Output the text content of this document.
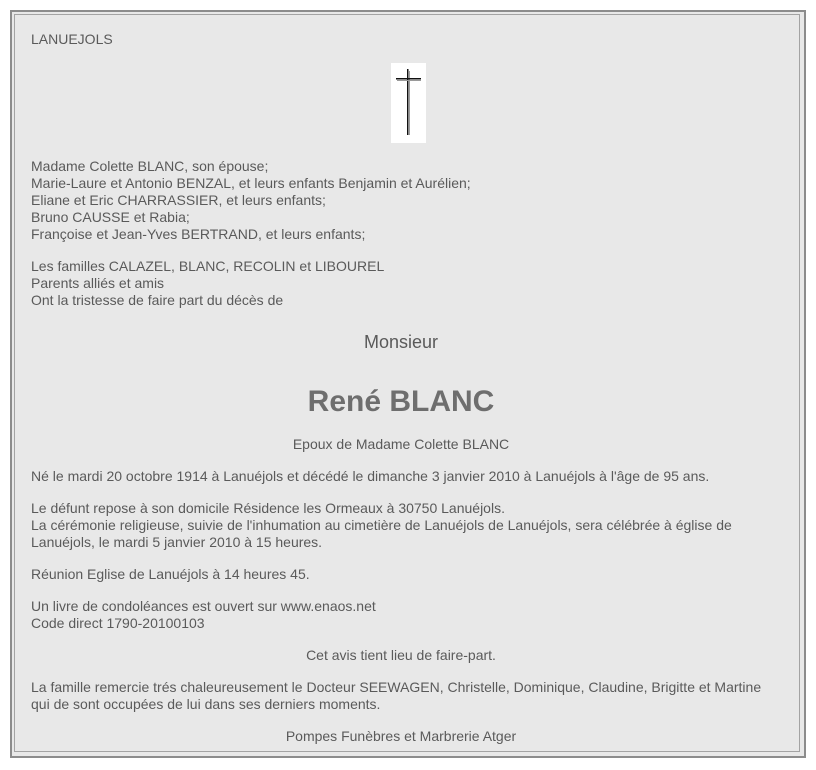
LANUEJOLS

Madame Colette BLANC, son épouse;

Marie-Laure et Antonio BENZAL, et leurs enfants Benjamin et Aurélien;

Eliane et Eric CHARRASSIER, et leurs enfants;

Bruno CAUSSE et Rabia;

Françoise et Jean-Yves BERTRAND, et leurs enfants;

Les familles CALAZEL, BLANC, RECOLIN et LIBOUREL

Parents alliés et amis

Ont la tristesse de faire part du décès de

Monsieur

René BLANC

Epoux de Madame Colette BLANC

Né le mardi 20 octobre 1914 à Lanuéjols et décédé le dimanche 3 janvier 2010 à Lanuéjols à l'âge de 95 ans.

Le défunt repose à son domicile Résidence les Ormeaux à 30750 Lanuéjols.

La cérémonie religieuse, suivie de l'inhumation au cimetière de Lanuéjols de Lanuéjols, sera célébrée à église de Lanuéjols, le mardi 5 janvier 2010 à 15 heures.

Réunion Eglise de Lanuéjols à 14 heures 45.

Un livre de condoléances est ouvert sur www.enaos.net

Code direct 1790-20100103

Cet avis tient lieu de faire-part.

La famille remercie trés chaleureusement le Docteur SEEWAGEN, Christelle, Dominique, Claudine, Brigitte et Martine qui de sont occupées de lui dans ses derniers moments.

Pompes Funèbres et Marbrerie Atger
